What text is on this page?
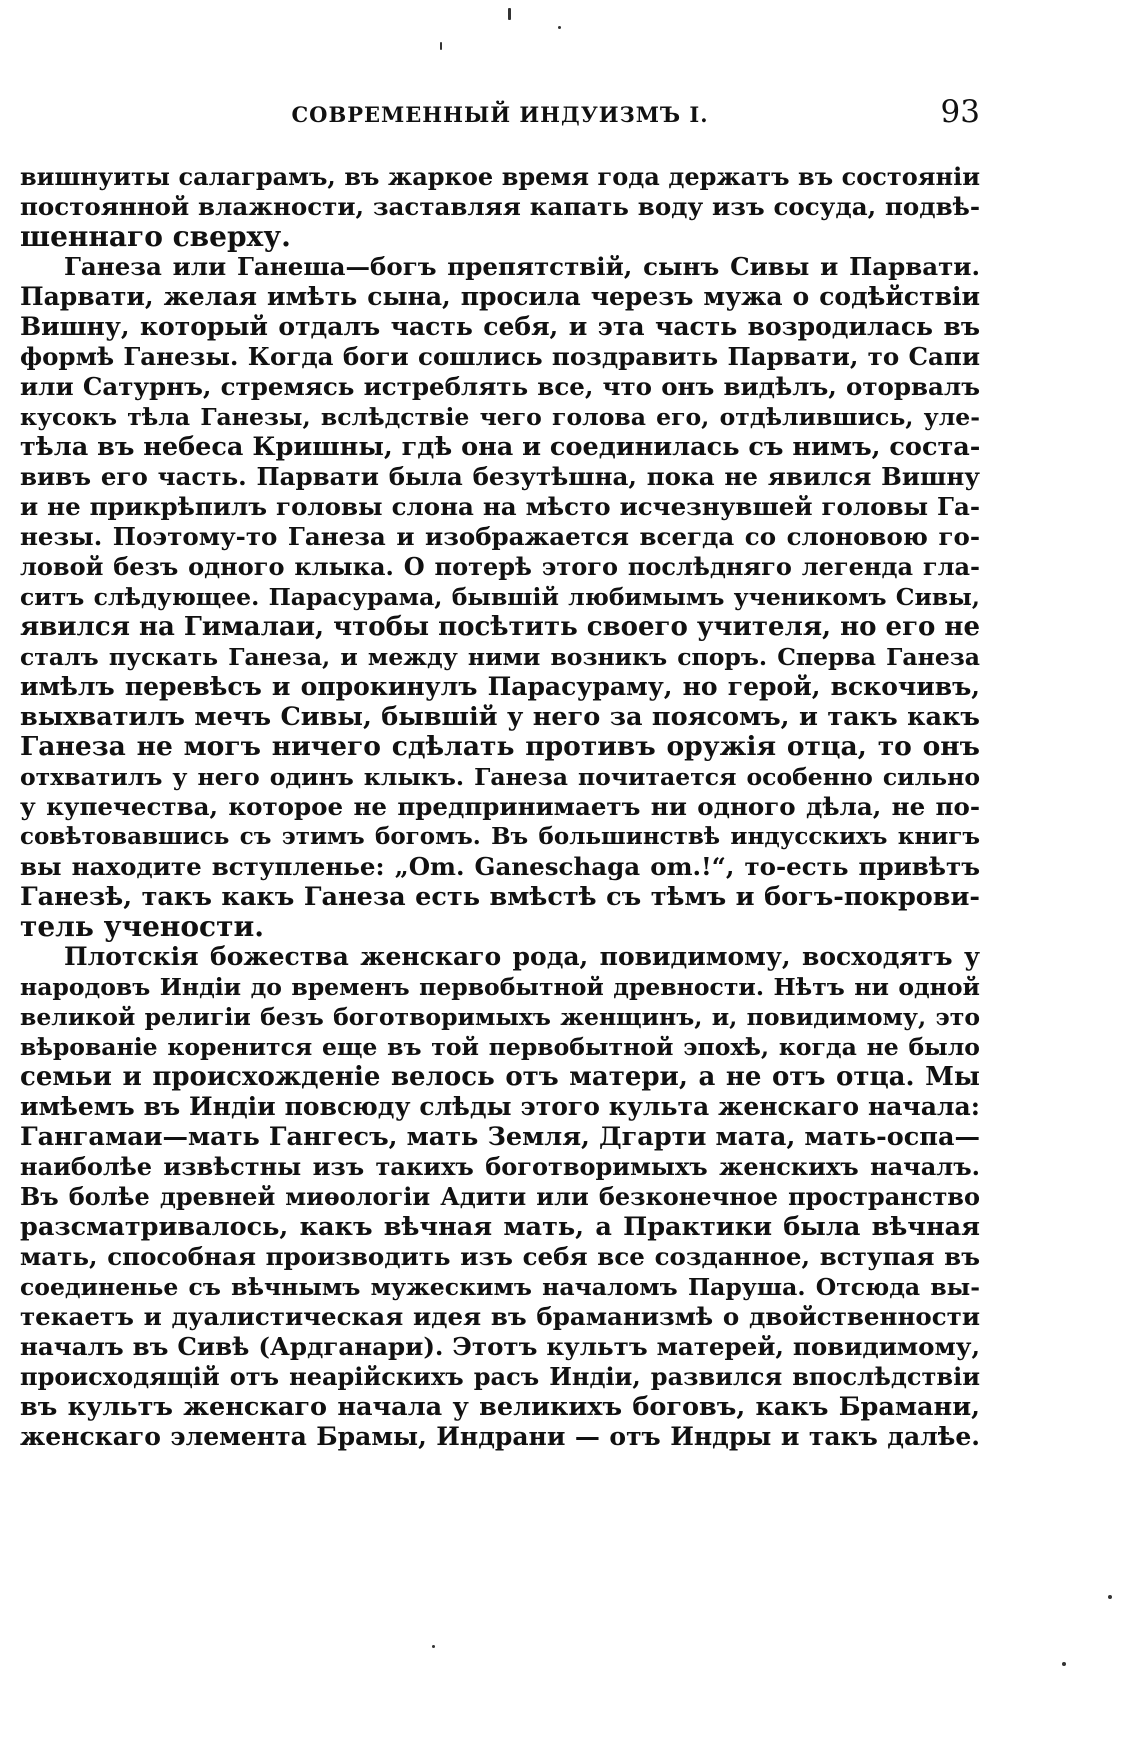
СОВРЕМЕННЫЙ ИНДУИЗМЪ I.	93
вишнуиты салаграмъ, въ жаркое время года держатъ въ состоянiи
постоянной влажности, заставляя капать воду изъ сосуда, подвѣ-
шеннаго сверху.
Ганеза или Ганеша—богъ препятствiй, сынъ Сивы и Парвати.
Парвати, желая имѣть сына, просила черезъ мужа о содѣйствiи
Вишну, который отдалъ часть себя, и эта часть возродилась въ
формѣ Ганезы. Когда боги сошлись поздравить Парвати, то Сапи
или Сатурнъ, стремясь истреблять все, что онъ видѣлъ, оторвалъ
кусокъ тѣла Ганезы, вслѣдствiе чего голова его, отдѣлившись, уле-
тѣла въ небеса Кришны, гдѣ она и соединилась съ нимъ, соста-
вивъ его часть. Парвати была безутѣшна, пока не явился Вишну
и не прикрѣпилъ головы слона на мѣсто исчезнувшей головы Га-
незы. Поэтому-то Ганеза и изображается всегда со слоновою го-
ловой безъ одного клыка. О потерѣ этого послѣдняго легенда гла-
ситъ слѣдующее. Парасурама, бывшiй любимымъ ученикомъ Сивы,
явился на Гималаи, чтобы посѣтить своего учителя, но его не
сталъ пускать Ганеза, и между ними возникъ споръ. Сперва Ганеза
имѣлъ перевѣсъ и опрокинулъ Парасураму, но герой, вскочивъ,
выхватилъ мечъ Сивы, бывшiй у него за поясомъ, и такъ какъ
Ганеза не могъ ничего сдѣлать противъ оружiя отца, то онъ
отхватилъ у него одинъ клыкъ. Ганеза почитается особенно сильно
у купечества, которое не предпринимаетъ ни одного дѣла, не по-
совѣтовавшись съ этимъ богомъ. Въ большинствѣ индусскихъ книгъ
вы находите вступленье: „Om. Ganeschaga om.!“, то-есть привѣтъ
Ганезѣ, такъ какъ Ганеза есть вмѣстѣ съ тѣмъ и богъ-покрови-
тель учености.
Плотскiя божества женскаго рода, повидимому, восходятъ у
народовъ Индiи до временъ первобытной древности. Нѣтъ ни одной
великой религiи безъ боготворимыхъ женщинъ, и, повидимому, это
вѣрованiе коренится еще въ той первобытной эпохѣ, когда не было
семьи и происхожденiе велось отъ матери, а не отъ отца. Мы
имѣемъ въ Индiи повсюду слѣды этого культа женскаго начала:
Гангамаи—мать Гангесъ, мать Земля, Дгарти мата, мать-оспа—
наиболѣе извѣстны изъ такихъ боготворимыхъ женскихъ началъ.
Въ болѣе древней миѳологiи Адити или безконечное пространство
разсматривалось, какъ вѣчная мать, а Практики была вѣчная
мать, способная производить изъ себя все созданное, вступая въ
соединенье съ вѣчнымъ мужескимъ началомъ Паруша. Отсюда вы-
текаетъ и дуалистическая идея въ браманизмѣ о двойственности
началъ въ Сивѣ (Ардганари). Этотъ культъ матерей, повидимому,
происходящiй отъ неарiйскихъ расъ Индiи, развился впослѣдствiи
въ культъ женскаго начала у великихъ боговъ, какъ Брамани,
женскаго элемента Брамы, Индрани — отъ Индры и такъ далѣе.
